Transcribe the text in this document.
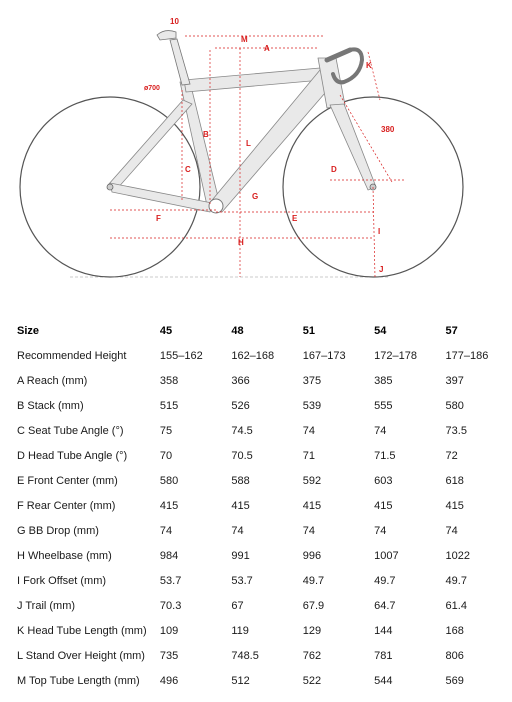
10
M
A
K
ø700
380
B
L
C	D
G
F	E
I
H
J
Size	45	48	51	54	57
Recommended Height	155–162	162–168	167–173	172–178	177–186
A Reach (mm)	358	366	375	385	397
B Stack (mm)	515	526	539	555	580
C Seat Tube Angle (°)	75	74.5	74	74	73.5
D Head Tube Angle (°)	70	70.5	71	71.5	72
E Front Center (mm)	580	588	592	603	618
F Rear Center (mm)	415	415	415	415	415
G BB Drop (mm)	74	74	74	74	74
H Wheelbase (mm)	984	991	996	1007	1022
I Fork Offset (mm)	53.7	53.7	49.7	49.7	49.7
J Trail (mm)	70.3	67	67.9	64.7	61.4
K Head Tube Length (mm)	109	119	129	144	168
L Stand Over Height (mm)	735	748.5	762	781	806
M Top Tube Length (mm)	496	512	522	544	569
